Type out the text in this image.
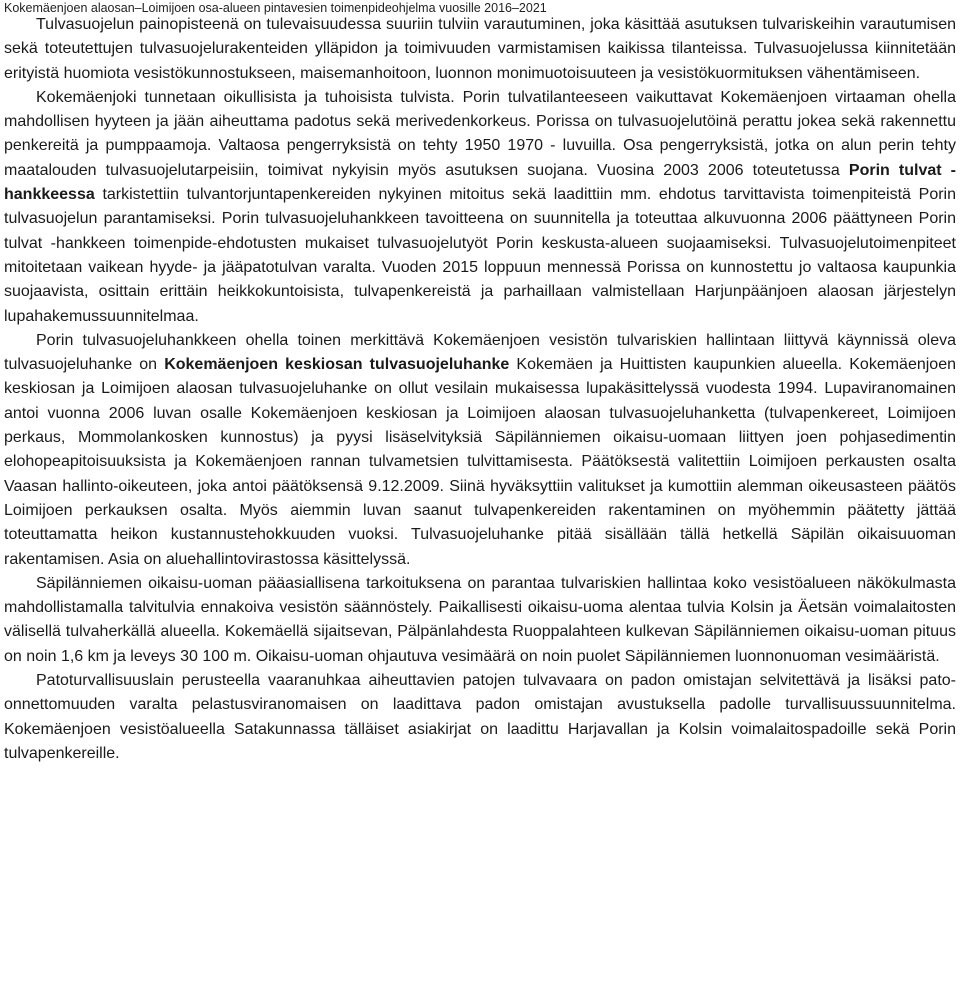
Kokemäenjoen alaosan–Loimijoen osa-alueen pintavesien toimenpideohjelma vuosille 2016–2021

Tulvasuojelun painopisteenä on tulevaisuudessa suuriin tulviin varautuminen, joka käsittää asutuksen tulvariskeihin varautumisen sekä toteutettujen tulvasuojelurakenteiden ylläpidon ja toimivuuden varmistamisen kaikissa tilanteissa. Tulvasuojelussa kiinnitetään erityistä huomiota vesistökunnostukseen, maisemanhoitoon, luonnon monimuotoisuuteen ja vesistökuormituksen vähentämiseen.

Kokemäenjoki tunnetaan oikullisista ja tuhoisista tulvista. Porin tulvatilanteeseen vaikuttavat Kokemäenjoen virtaaman ohella mahdollisen hyyteen ja jään aiheuttama padotus sekä merivedenkorkeus. Porissa on tulvasuojelutöinä perattu jokea sekä rakennettu penkereitä ja pumppaamoja. Valtaosa pengerryksistä on tehty 1950 1970 - luvuilla. Osa pengerryksistä, jotka on alun perin tehty maatalouden tulvasuojelutarpeisiin, toimivat nykyisin myös asutuksen suojana. Vuosina 2003 2006 toteutetussa Porin tulvat -hankkeessa tarkistettiin tulvantorjuntapenkereiden nykyinen mitoitus sekä laadittiin mm. ehdotus tarvittavista toimenpiteistä Porin tulvasuojelun parantamiseksi. Porin tulvasuojeluhankkeen tavoitteena on suunnitella ja toteuttaa alkuvuonna 2006 päättyneen Porin tulvat -hankkeen toimenpide-ehdotusten mukaiset tulvasuojelutyöt Porin keskusta-alueen suojaamiseksi. Tulvasuojelutoimenpiteet mitoitetaan vaikean hyyde- ja jääpatotulvan varalta. Vuoden 2015 loppuun mennessä Porissa on kunnostettu jo valtaosa kaupunkia suojaavista, osittain erittäin heikkokuntoisista, tulvapenkereistä ja parhaillaan valmistellaan Harjunpäänjoen alaosan järjestelyn lupahakemussuunnitelmaa.

Porin tulvasuojeluhankkeen ohella toinen merkittävä Kokemäenjoen vesistön tulvariskien hallintaan liittyvä käynnissä oleva tulvasuojeluhanke on Kokemäenjoen keskiosan tulvasuojeluhanke Kokemäen ja Huittisten kaupunkien alueella. Kokemäenjoen keskiosan ja Loimijoen alaosan tulvasuojeluhanke on ollut vesilain mukaisessa lupakäsittelyssä vuodesta 1994. Lupaviranomainen antoi vuonna 2006 luvan osalle Kokemäenjoen keskiosan ja Loimijoen alaosan tulvasuojeluhanketta (tulvapenkereet, Loimijoen perkaus, Mommolankosken kunnostus) ja pyysi lisäselvityksiä Säpilänniemen oikaisu-uomaan liittyen joen pohjasedimentin elohopeapitoisuuksista ja Kokemäenjoen rannan tulvametsien tulvittamisesta. Päätöksestä valitettiin Loimijoen perkausten osalta Vaasan hallinto-oikeuteen, joka antoi päätöksensä 9.12.2009. Siinä hyväksyttiin valitukset ja kumottiin alemman oikeusasteen päätös Loimijoen perkauksen osalta. Myös aiemmin luvan saanut tulvapenkereiden rakentaminen on myöhemmin päätetty jättää toteuttamatta heikon kustannustehokkuuden vuoksi. Tulvasuojeluhanke pitää sisällään tällä hetkellä Säpilän oikaisuuoman rakentamisen. Asia on aluehallintovirastossa käsittelyssä.

Säpilänniemen oikaisu-uoman pääasiallisena tarkoituksena on parantaa tulvariskien hallintaa koko vesistöalueen näkökulmasta mahdollistamalla talvitulvia ennakoiva vesistön säännöstely. Paikallisesti oikaisu-uoma alentaa tulvia Kolsin ja Äetsän voimalaitosten välisellä tulvaherkällä alueella. Kokemäellä sijaitsevan, Pälpänlahdesta Ruoppalahteen kulkevan Säpilänniemen oikaisu-uoman pituus on noin 1,6 km ja leveys 30 100 m. Oikaisu-uoman ohjautuva vesimäärä on noin puolet Säpilänniemen luonnonuoman vesimääristä.

Patoturvallisuuslain perusteella vaaranuhkaa aiheuttavien patojen tulvavaara on padon omistajan selvitettävä ja lisäksi pato-onnettomuuden varalta pelastusviranomaisen on laadittava padon omistajan avustuksella padolle turvallisuussuunnitelma. Kokemäenjoen vesistöalueella Satakunnassa tälläiset asiakirjat on laadittu Harjavallan ja Kolsin voimalaitospadoille sekä Porin tulvapenkereille.
